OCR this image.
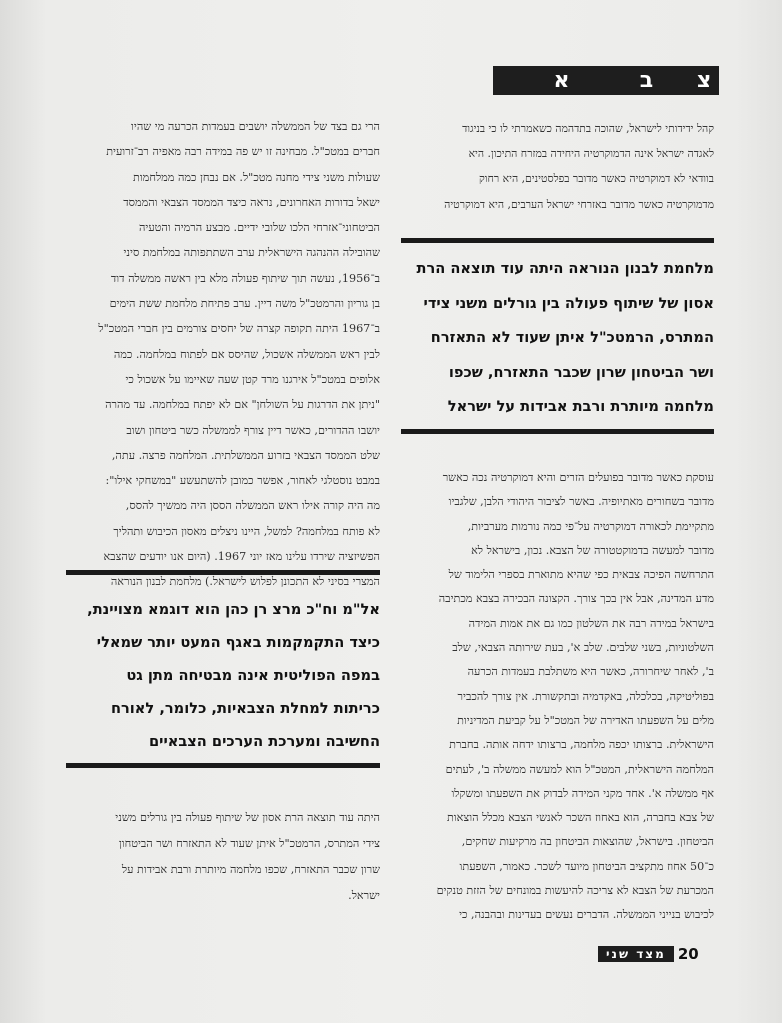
צ
ב
א

קהל ידידותי לישראל, שהוכה בתדהמה כשאמרתי לו כי בניגוד

לאגדה ישראל אינה הדמוקרטיה היחידה במזרח התיכון. היא

בוודאי לא דמוקרטיה כאשר מדובר בפלסטינים, היא רחוק

מדמוקרטיה כאשר מדובר באזרחי ישראל הערבים, היא דמוקרטיה

מלחמת לבנון הנוראה היתה עוד תוצאה הרת

אסון של שיתוף פעולה בין גורלים משני צידי

המתרס, הרמטכ"ל איתן שעוד לא התאזרח

ושר הביטחון שרון שכבר התאזרח, שכפו

מלחמה מיותרת ורבת אבידות על ישראל

עוסקת כאשר מדובר בפועלים הזרים והיא דמוקרטיה נכה כאשר

מדובר בשחורים מאתיופיה. באשר לציבור היהודי הלבן, שלגביו

מתקיימת לכאורה דמוקרטיה על־פי כמה נורמות מערביות,

מדובר למעשה בדמוקטטורה של הצבא. נכון, בישראל לא

התרחשה הפיכה צבאית כפי שהיא מתוארת בספרי הלימוד של

מדע המדינה, אבל אין בכך צורך. הקצונה הבכירה בצבא מכתיבה

בישראל במידה רבה את השלטון כמו גם את אמות המידה

השלטוניות, בשני שלבים. שלב א', בעת שירותה הצבאי, שלב

ב', לאחר שיחרורה, כאשר היא משתלבת בעמדות הכרעה

בפוליטיקה, בכלכלה, באקדמיה ובתקשורת. אין צורך להכביר

מלים על השפעתו האדירה של המטכ"ל על קביעת המדיניות

הישראלית. ברצותו יכפה מלחמה, ברצותו ידחה אותה. בחברת

המלחמה הישראלית, המטכ"ל הוא למעשה ממשלה ב', לעתים

אף ממשלה א'. אחד מקני המידה לבדוק את השפעתו ומשקלו

של צבא בחברה, הוא באחוז השכר לאנשי הצבא מכלל הוצאות

הביטחון. בישראל, שהוצאות הביטחון בה מרקיעות שחקים,

כ־50 אחוז מתקציב הביטחון מיועד לשכר. כאמור, השפעתו

המכרעת של הצבא לא צריכה להיעשות במונחים של הזזת טנקים

לכיבוש בנייני הממשלה. הדברים נעשים בעדינות ובהבנה, כי

הרי גם בצד של הממשלה יושבים בעמדות הכרעה מי שהיו

חברים במטכ"ל. מבחינה זו יש פה במידה רבה מאפיה רב־זרועית

שעולות משני צידי מחנה מטכ"ל. אם נבחן כמה ממלחמות

ישאל בדורות האחרונים, נראה כיצד הממסד הצבאי והממסד

הביטחוני־אזרחי הלכו שלובי ידיים. מבצע הרמיה והטעיה

שהובילה ההנהגה הישראלית ערב השתתפותה במלחמת סיני

ב־1956, נעשה תוך שיתוף פעולה מלא בין ראשה ממשלה דוד

בן גוריון והרמטכ"ל משה דיין. ערב פתיחת מלחמת ששת הימים

ב־1967 היתה תקופה קצרה של יחסים צורמים בין חברי המטכ"ל

לבין ראש הממשלה אשכול, שהיסס אם לפתוח במלחמה. כמה

אלופים במטכ"ל אירגנו מרד קטן שעה שאיימו על אשכול כי

"ניתן את הדרגות על השולחן" אם לא יפתח במלחמה. עד מהרה

יושבו ההדורים, כאשר דיין צורף לממשלה כשר ביטחון ושוב

שלט הממסד הצבאי בזרוע הממשלתית. המלחמה פרצה. עתה,

במבט נוסטלגי לאחור, אפשר כמובן להשתעשע "במשחקי אילו":

מה היה קורה אילו ראש הממשלה הססן היה ממשיך להסס,

לא פותח במלחמה? למשל, היינו ניצלים מאסון הכיבוש ותהליך

הפשיזציה שירדו עלינו מאז יוני 1967. (היום אנו יודעים שהצבא

המצרי בסיני לא התכונן לפלוש לישראל.) מלחמת לבנון הנוראה

אל"מ וח"כ מרצ רן כהן הוא דוגמא מצויינת,

כיצד התקמקמות באגף המעט יותר שמאלי

במפה הפוליטית אינה מבטיחה מתן גט

כריתות למחלת הצבאיות, כלומר, לאורח

החשיבה ומערכת הערכים הצבאיים

היתה עוד תוצאה הרת אסון של שיתוף פעולה בין גורלים משני

צידי המתרס, הרמטכ"ל איתן שעוד לא התאזרח ושר הביטחון

שרון שכבר התאזרח, שכפו מלחמה מיותרת ורבת אבידות על

ישראל.

מצד שני 20
